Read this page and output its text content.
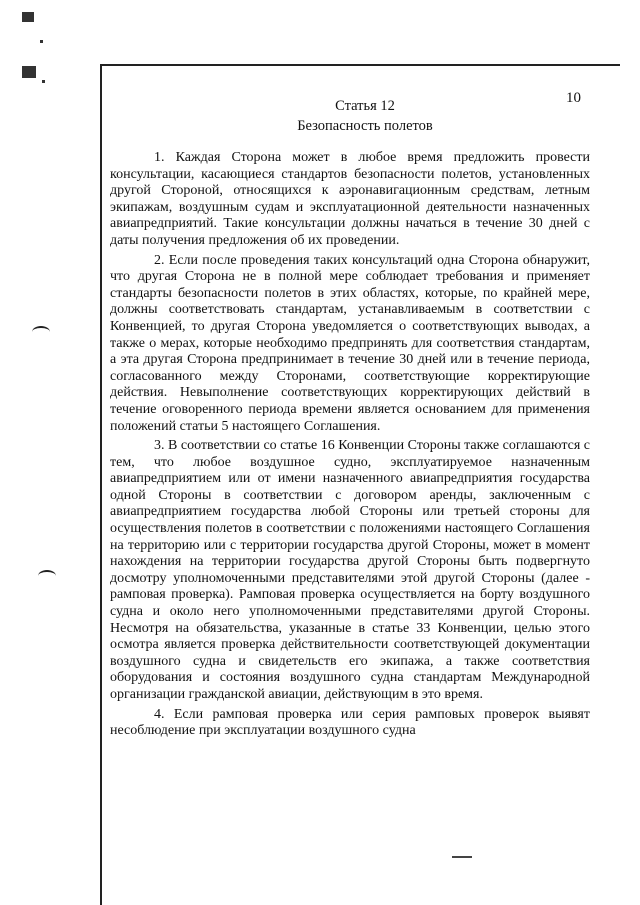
10
Статья 12
Безопасность полетов

1. Каждая Сторона может в любое время предложить провести консультации, касающиеся стандартов безопасности полетов, установленных другой Стороной, относящихся к аэронавигационным средствам, летным экипажам, воздушным судам и эксплуатационной деятельности назначенных авиапредприятий. Такие консультации должны начаться в течение 30 дней с даты получения предложения об их проведении.

2. Если после проведения таких консультаций одна Сторона обнаружит, что другая Сторона не в полной мере соблюдает требования и применяет стандарты безопасности полетов в этих областях, которые, по крайней мере, должны соответствовать стандартам, устанавливаемым в соответствии с Конвенцией, то другая Сторона уведомляется о соответствующих выводах, а также о мерах, которые необходимо предпринять для соответствия стандартам, а эта другая Сторона предпринимает в течение 30 дней или в течение периода, согласованного между Сторонами, соответствующие корректирующие действия. Невыполнение соответствующих корректирующих действий в течение оговоренного периода времени является основанием для применения положений статьи 5 настоящего Соглашения.

3. В соответствии со статье 16 Конвенции Стороны также соглашаются с тем, что любое воздушное судно, эксплуатируемое назначенным авиапредприятием или от имени назначенного авиапредприятия государства одной Стороны в соответствии с договором аренды, заключенным с авиапредприятием государства любой Стороны или третьей стороны для осуществления полетов в соответствии с положениями настоящего Соглашения на территорию или с территории государства другой Стороны, может в момент нахождения на территории государства другой Стороны быть подвергнуто досмотру уполномоченными представителями этой другой Стороны (далее - рамповая проверка). Рамповая проверка осуществляется на борту воздушного судна и около него уполномоченными представителями другой Стороны. Несмотря на обязательства, указанные в статье 33 Конвенции, целью этого осмотра является проверка действительности соответствующей документации воздушного судна и свидетельств его экипажа, а также соответствия оборудования и состояния воздушного судна стандартам Международной организации гражданской авиации, действующим в это время.

4. Если рамповая проверка или серия рамповых проверок выявят несоблюдение при эксплуатации воздушного судна
